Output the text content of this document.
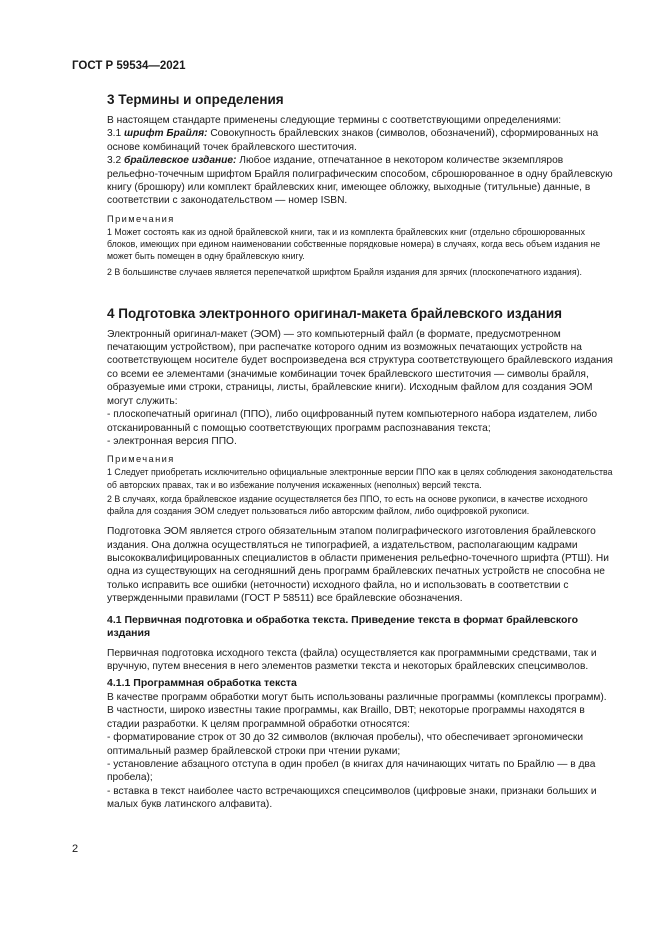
ГОСТ Р 59534—2021
3 Термины и определения

В настоящем стандарте применены следующие термины с соответствующими определениями:

3.1 шрифт Брайля: Совокупность брайлевских знаков (символов, обозначений), сформированных на основе комбинаций точек брайлевского шеститочия.

3.2 брайлевское издание: Любое издание, отпечатанное в некотором количестве экземпляров рельефно-точечным шрифтом Брайля полиграфическим способом, сброшюрованное в одну брайлевскую книгу (брошюру) или комплект брайлевских книг, имеющее обложку, выходные (титульные) данные, в соответствии с законодательством — номер ISBN.

Примечания

1 Может состоять как из одной брайлевской книги, так и из комплекта брайлевских книг (отдельно сброшюрованных блоков, имеющих при едином наименовании собственные порядковые номера) в случаях, когда весь объем издания не может быть помещен в одну брайлевскую книгу.

2 В большинстве случаев является перепечаткой шрифтом Брайля издания для зрячих (плоскопечатного издания).

4 Подготовка электронного оригинал-макета брайлевского издания

Электронный оригинал-макет (ЭОМ) — это компьютерный файл (в формате, предусмотренном печатающим устройством), при распечатке которого одним из возможных печатающих устройств на соответствующем носителе будет воспроизведена вся структура соответствующего брайлевского издания со всеми ее элементами (значимые комбинации точек брайлевского шеститочия — символы брайля, образуемые ими строки, страницы, листы, брайлевские книги). Исходным файлом для создания ЭОМ могут служить:

- плоскопечатный оригинал (ППО), либо оцифрованный путем компьютерного набора издателем, либо отсканированный с помощью соответствующих программ распознавания текста;

- электронная версия ППО.

Примечания

1 Следует приобретать исключительно официальные электронные версии ППО как в целях соблюдения законодательства об авторских правах, так и во избежание получения искаженных (неполных) версий текста.

2 В случаях, когда брайлевское издание осуществляется без ППО, то есть на основе рукописи, в качестве исходного файла для создания ЭОМ следует пользоваться либо авторским файлом, либо оцифровкой рукописи.

Подготовка ЭОМ является строго обязательным этапом полиграфического изготовления брайлевского издания. Она должна осуществляться не типографией, а издательством, располагающим кадрами высококвалифицированных специалистов в области применения рельефно-точечного шрифта (РТШ). Ни одна из существующих на сегодняшний день программ брайлевских печатных устройств не способна не только исправить все ошибки (неточности) исходного файла, но и использовать в соответствии с утвержденными правилами (ГОСТ Р 58511) все брайлевские обозначения.

4.1 Первичная подготовка и обработка текста. Приведение текста в формат брайлевского издания

Первичная подготовка исходного текста (файла) осуществляется как программными средствами, так и вручную, путем внесения в него элементов разметки текста и некоторых брайлевских спецсимволов.

4.1.1 Программная обработка текста

В качестве программ обработки могут быть использованы различные программы (комплексы программ). В частности, широко известны такие программы, как Braillo, DBT; некоторые программы находятся в стадии разработки. К целям программной обработки относятся:

- форматирование строк от 30 до 32 символов (включая пробелы), что обеспечивает эргономически оптимальный размер брайлевской строки при чтении руками;

- установление абзацного отступа в один пробел (в книгах для начинающих читать по Брайлю — в два пробела);

- вставка в текст наиболее часто встречающихся спецсимволов (цифровые знаки, признаки больших и малых букв латинского алфавита).

2
